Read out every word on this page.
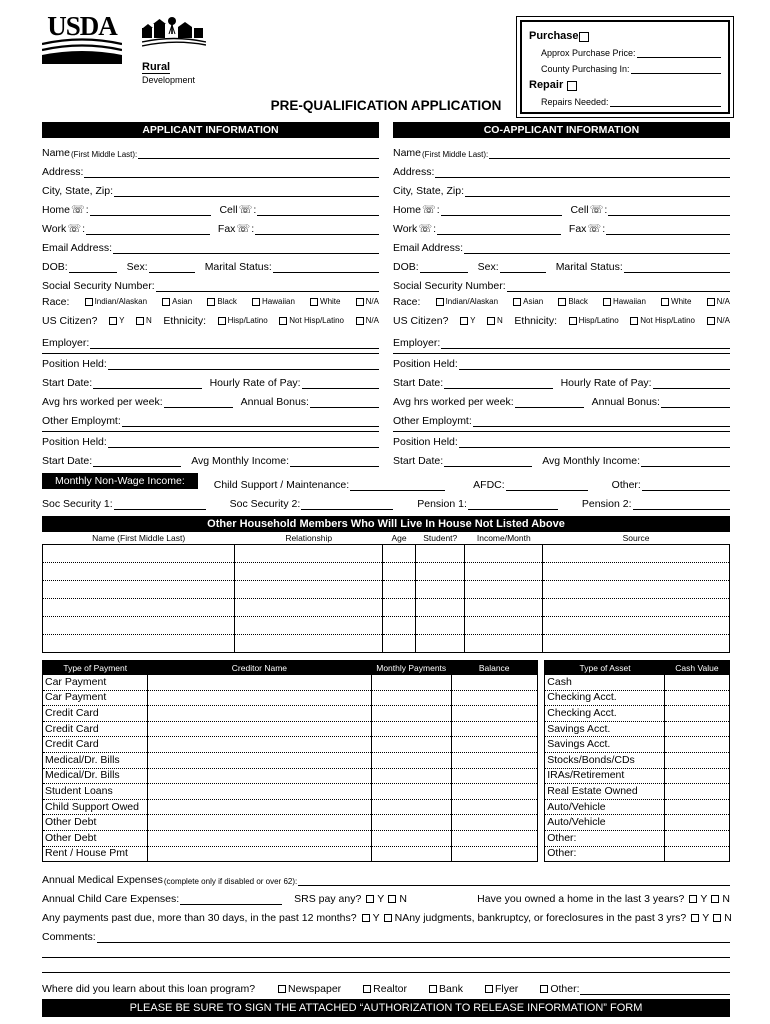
USDA
Rural
Development
Purchase
Approx Purchase Price:
County Purchasing In:
Repair
Repairs Needed:
PRE-QUALIFICATION APPLICATION
APPLICANT INFORMATION
Name (First Middle Last):
Address:
City, State, Zip:
Home ☏ :	Cell ☏ :
Work ☏ :	Fax ☏ :
Email Address:
DOB:	Sex:	Marital Status:
Social Security Number:
Race:	Indian/Alaskan	Asian	Black	Hawaiian	White	N/A
US Citizen?	Y	N Ethnicity:	Hisp/Latino	Not Hisp/Latino	N/A
Employer:
Position Held:
Start Date:	Hourly Rate of Pay:
Avg hrs worked per week:	Annual Bonus:
Other Employmt:
Position Held:
Start Date:	Avg Monthly Income:
CO-APPLICANT INFORMATION
Name (First Middle Last):
Address:
City, State, Zip:
Home ☏ :	Cell ☏ :
Work ☏ :	Fax ☏ :
Email Address:
DOB:	Sex:	Marital Status:
Social Security Number:
Race:	Indian/Alaskan	Asian	Black	Hawaiian	White	N/A
US Citizen?	Y	N Ethnicity:	Hisp/Latino	Not Hisp/Latino	N/A
Employer:
Position Held:
Start Date:	Hourly Rate of Pay:
Avg hrs worked per week:	Annual Bonus:
Other Employmt:
Position Held:
Start Date:	Avg Monthly Income:
Monthly Non-Wage Income:	Child Support / Maintenance:	AFDC:	Other:
Soc Security 1:	Soc Security 2:	Pension 1:	Pension 2:
Other Household Members Who Will Live In House Not Listed Above
Name (First Middle Last)	Relationship	Age	Student?	Income/Month	Source

Type of Payment	Creditor Name	Monthly Payments	Balance
Car Payment			
Car Payment			
Credit Card			
Credit Card			
Credit Card			
Medical/Dr. Bills			
Medical/Dr. Bills			
Student Loans			
Child Support Owed			
Other Debt			
Other Debt			
Rent / House Pmt			
Type of Asset	Cash Value
Cash	
Checking Acct.	
Checking Acct.	
Savings Acct.	
Savings Acct.	
Stocks/Bonds/CDs	
IRAs/Retirement	
Real Estate Owned	
Auto/Vehicle	
Auto/Vehicle	
Other:	
Other:	
Annual Medical Expenses (complete only if disabled or over 62):
Annual Child Care Expenses:	SRS pay any? Y N	Have you owned a home in the last 3 years? Y N
Any payments past due, more than 30 days, in the past 12 months? Y N Any judgments, bankruptcy, or foreclosures in the past 3 yrs? Y N
Comments:
Where did you learn about this loan program?	Newspaper	Realtor	Bank	Flyer	Other:
PLEASE BE SURE TO SIGN THE ATTACHED “AUTHORIZATION TO RELEASE INFORMATION” FORM Revised November 2011
